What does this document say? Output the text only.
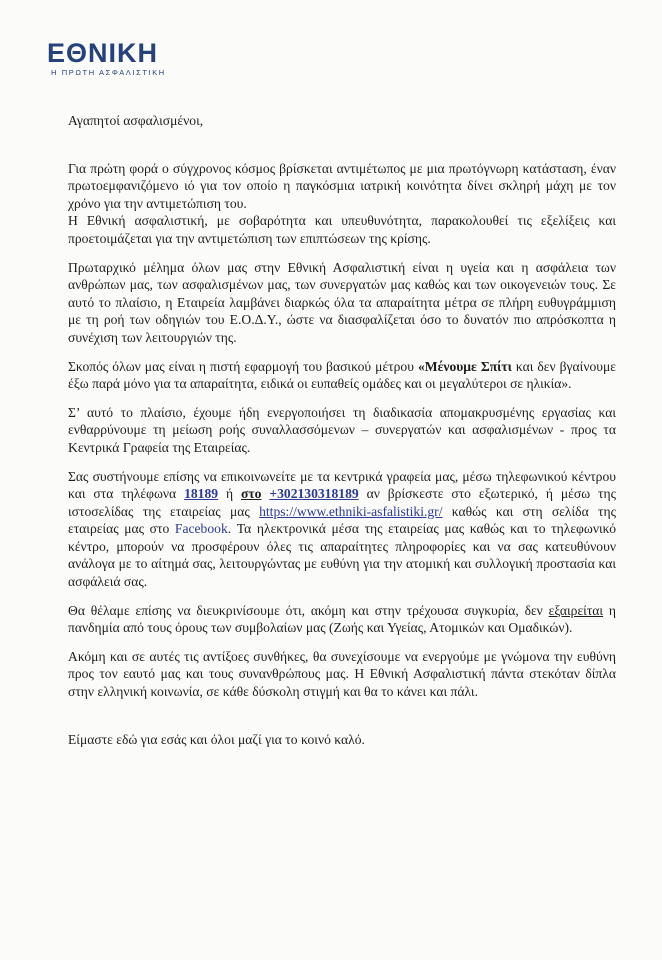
ΕΘΝΙΚΗ
Η ΠΡΩΤΗ ΑΣΦΑΛΙΣΤΙΚΗ

Αγαπητοί ασφαλισμένοι,

Για πρώτη φορά ο σύγχρονος κόσμος βρίσκεται αντιμέτωπος με μια πρωτόγνωρη κατάσταση, έναν πρωτοεμφανιζόμενο ιό για τον οποίο η παγκόσμια ιατρική κοινότητα δίνει σκληρή μάχη με τον χρόνο για την αντιμετώπιση του.

Η Εθνική ασφαλιστική, με σοβαρότητα και υπευθυνότητα, παρακολουθεί τις εξελίξεις και προετοιμάζεται για την αντιμετώπιση των επιπτώσεων της κρίσης.

Πρωταρχικό μέλημα όλων μας στην Εθνική Ασφαλιστική είναι η υγεία και η ασφάλεια των ανθρώπων μας, των ασφαλισμένων μας, των συνεργατών μας καθώς και των οικογενειών τους. Σε αυτό το πλαίσιο, η Εταιρεία λαμβάνει διαρκώς όλα τα απαραίτητα μέτρα σε πλήρη ευθυγράμμιση με τη ροή των οδηγιών του Ε.Ο.Δ.Υ., ώστε να διασφαλίζεται όσο το δυνατόν πιο απρόσκοπτα η συνέχιση των λειτουργιών της.

Σκοπός όλων μας είναι η πιστή εφαρμογή του βασικού μέτρου «Μένουμε Σπίτι και δεν βγαίνουμε έξω παρά μόνο για τα απαραίτητα, ειδικά οι ευπαθείς ομάδες και οι μεγαλύτεροι σε ηλικία».

Σ’ αυτό το πλαίσιο, έχουμε ήδη ενεργοποιήσει τη διαδικασία απομακρυσμένης εργασίας και ενθαρρύνουμε τη μείωση ροής συναλλασσόμενων – συνεργατών και ασφαλισμένων - προς τα Κεντρικά Γραφεία της Εταιρείας.

Σας συστήνουμε επίσης να επικοινωνείτε με τα κεντρικά γραφεία μας, μέσω τηλεφωνικού κέντρου και στα τηλέφωνα 18189 ή στο +302130318189 αν βρίσκεστε στο εξωτερικό, ή μέσω της ιστοσελίδας της εταιρείας μας https://www.ethniki-asfalistiki.gr/ καθώς και στη σελίδα της εταιρείας μας στο Facebook. Τα ηλεκτρονικά μέσα της εταιρείας μας καθώς και το τηλεφωνικό κέντρο, μπορούν να προσφέρουν όλες τις απαραίτητες πληροφορίες και να σας κατευθύνουν ανάλογα με το αίτημά σας, λειτουργώντας με ευθύνη για την ατομική και συλλογική προστασία και ασφάλειά σας.

Θα θέλαμε επίσης να διευκρινίσουμε ότι, ακόμη και στην τρέχουσα συγκυρία, δεν εξαιρείται η πανδημία από τους όρους των συμβολαίων μας (Ζωής και Υγείας, Ατομικών και Ομαδικών).

Ακόμη και σε αυτές τις αντίξοες συνθήκες, θα συνεχίσουμε να ενεργούμε με γνώμονα την ευθύνη προς τον εαυτό μας και τους συνανθρώπους μας. Η Εθνική Ασφαλιστική πάντα στεκόταν δίπλα στην ελληνική κοινωνία, σε κάθε δύσκολη στιγμή και θα το κάνει και πάλι.

Είμαστε εδώ για εσάς και όλοι μαζί για το κοινό καλό.
